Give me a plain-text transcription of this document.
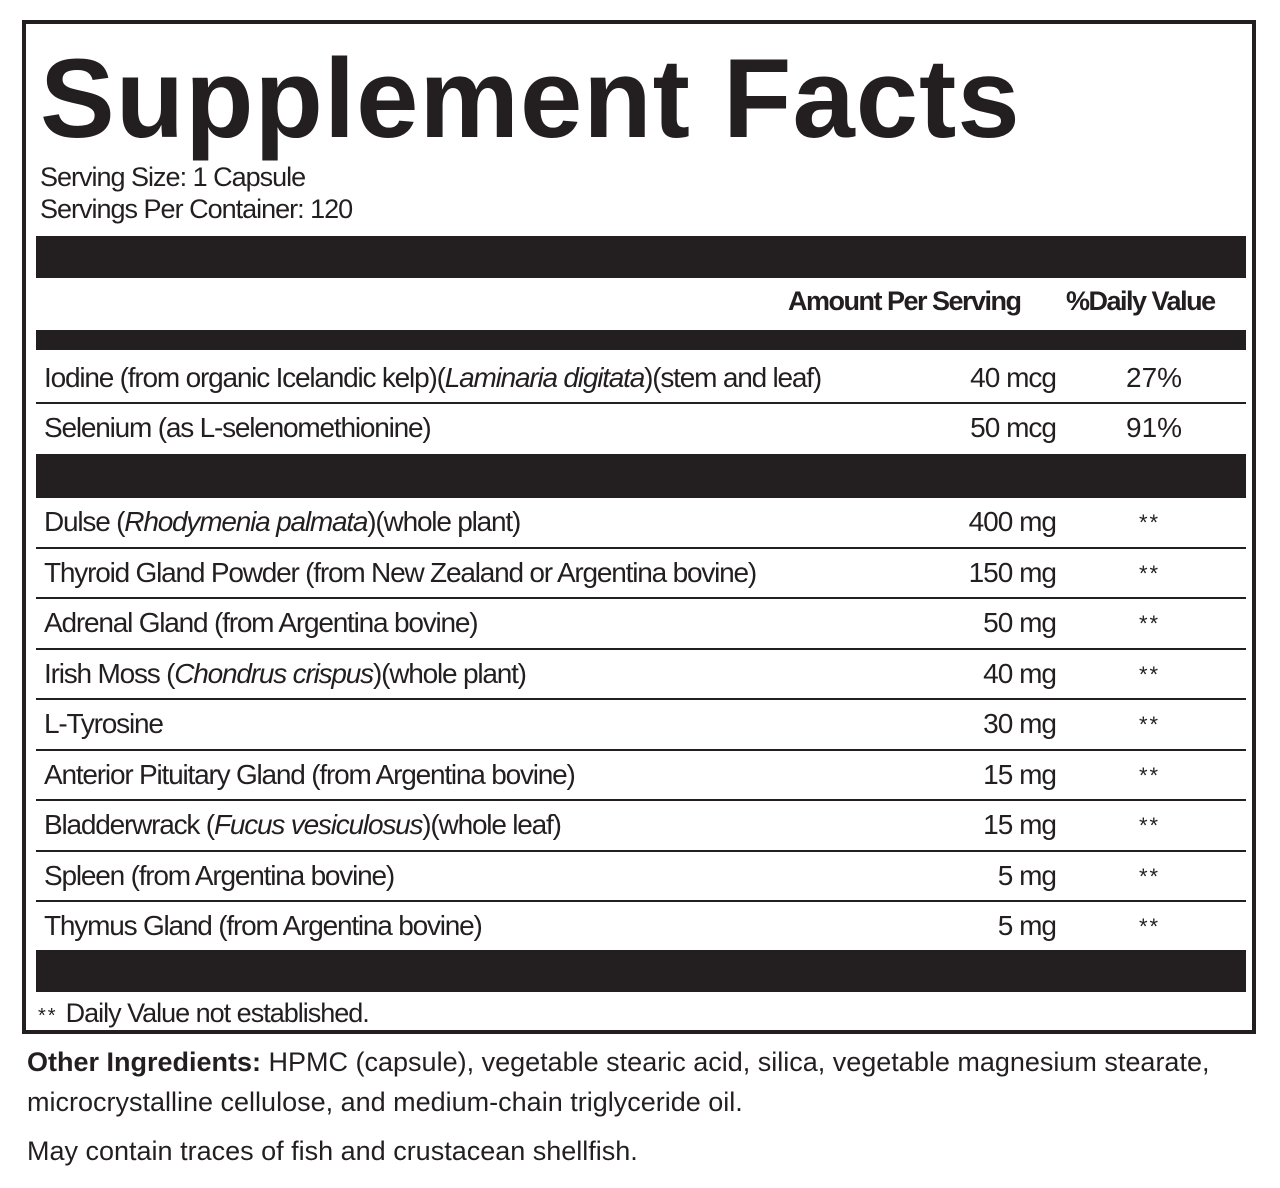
Supplement Facts
Serving Size: 1 Capsule
Servings Per Container: 120
Amount Per Serving %Daily Value
Iodine (from organic Icelandic kelp)(Laminaria digitata)(stem and leaf)	40 mcg	27%
Selenium (as L-selenomethionine)	50 mcg	91%
Dulse (Rhodymenia palmata)(whole plant)	400 mg	**
Thyroid Gland Powder (from New Zealand or Argentina bovine)	150 mg	**
Adrenal Gland (from Argentina bovine)	50 mg	**
Irish Moss (Chondrus crispus)(whole plant)	40 mg	**
L-Tyrosine	30 mg	**
Anterior Pituitary Gland (from Argentina bovine)	15 mg	**
Bladderwrack (Fucus vesiculosus)(whole leaf)	15 mg	**
Spleen (from Argentina bovine)	5 mg	**
Thymus Gland (from Argentina bovine)	5 mg	**
** Daily Value not established.
Other Ingredients: HPMC (capsule), vegetable stearic acid, silica, vegetable magnesium stearate, microcrystalline cellulose, and medium-chain triglyceride oil.
May contain traces of fish and crustacean shellfish.
